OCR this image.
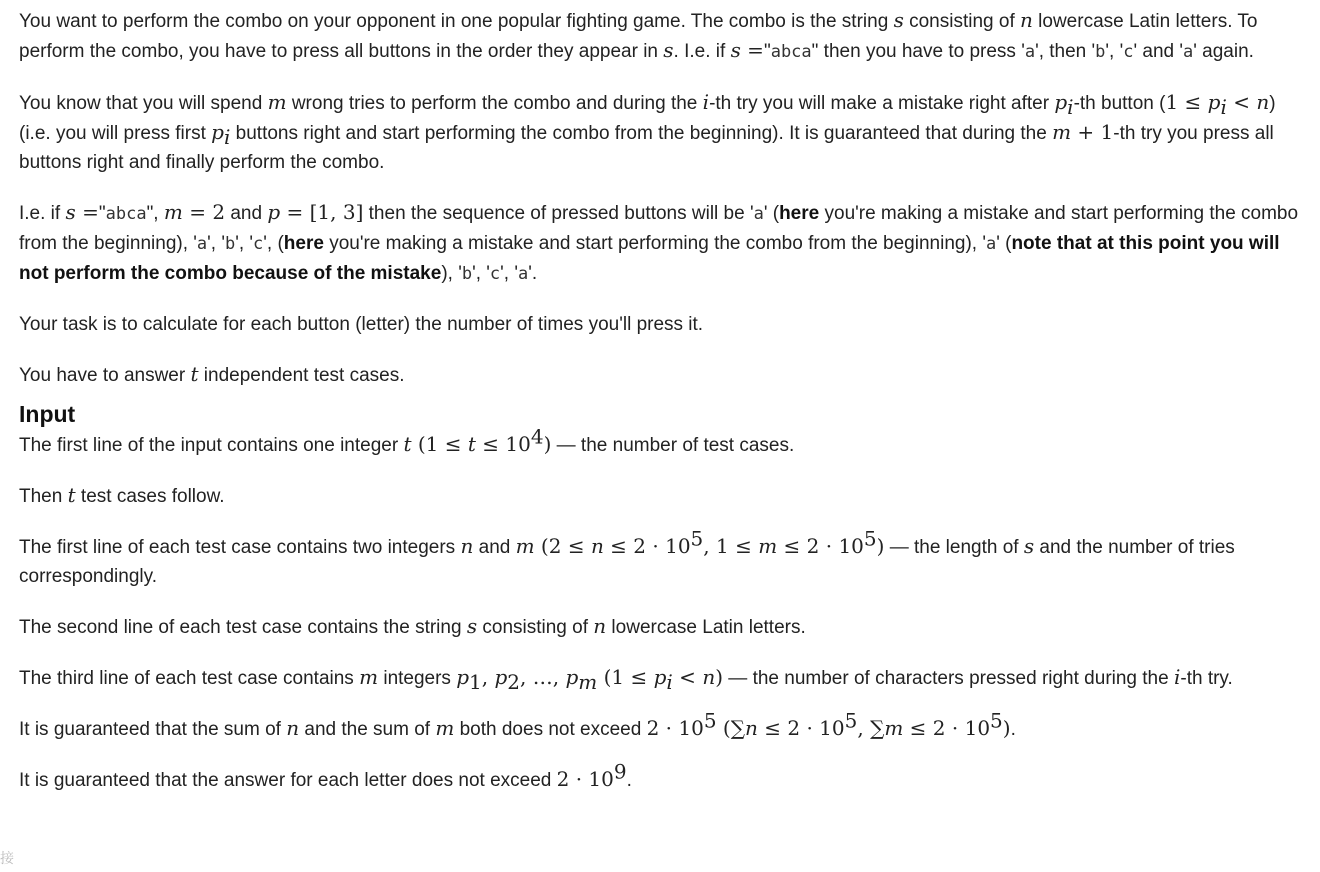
You want to perform the combo on your opponent in one popular fighting game. The combo is the string s consisting of n lowercase Latin letters. To perform the combo, you have to press all buttons in the order they appear in s. I.e. if s ="abca" then you have to press 'a', then 'b', 'c' and 'a' again.

You know that you will spend m wrong tries to perform the combo and during the i-th try you will make a mistake right after $p_i-th$ button $(1 \le p_i < n)$ (i.e. you will press first $p_i$ buttons right and start performing the combo from the beginning). It is guaranteed that during the m + 1-th try you press all buttons right and finally perform the combo.

I.e. if s ="abca", m = 2 and p = [1, 3] then the sequence of pressed buttons will be 'a' (here you're making a mistake and start performing the combo from the beginning), 'a', 'b', 'c', (here you're making a mistake and start performing the combo from the beginning), 'a' (note that at this point you will not perform the combo because of the mistake), 'b', 'c', 'a'.

Your task is to calculate for each button (letter) the number of times you'll press it.

You have to answer t independent test cases.

Input

The first line of the input contains one integer t $(1 \le t \le 10^4)$ — the number of test cases.

Then t test cases follow.

The first line of each test case contains two integers n and m ($2 \le n \le 2 \cdot 10^5$, $1 \le m \le 2 \cdot 10^5$) — the length of s and the number of tries correspondingly.

The second line of each test case contains the string s consisting of n lowercase Latin letters.

The third line of each test case contains m integers $p_1$, $p_2$, …, $p_m$ $(1 \le p_i < n)$ — the number of characters pressed right during the i-th try.

It is guaranteed that the sum of n and the sum of m both does not exceed $2 \cdot 10^5$ ($\sum n \le 2 \cdot 10^5$, $\sum m \le 2 \cdot 10^5$).

It is guaranteed that the answer for each letter does not exceed $2 \cdot 10^9$.

接
